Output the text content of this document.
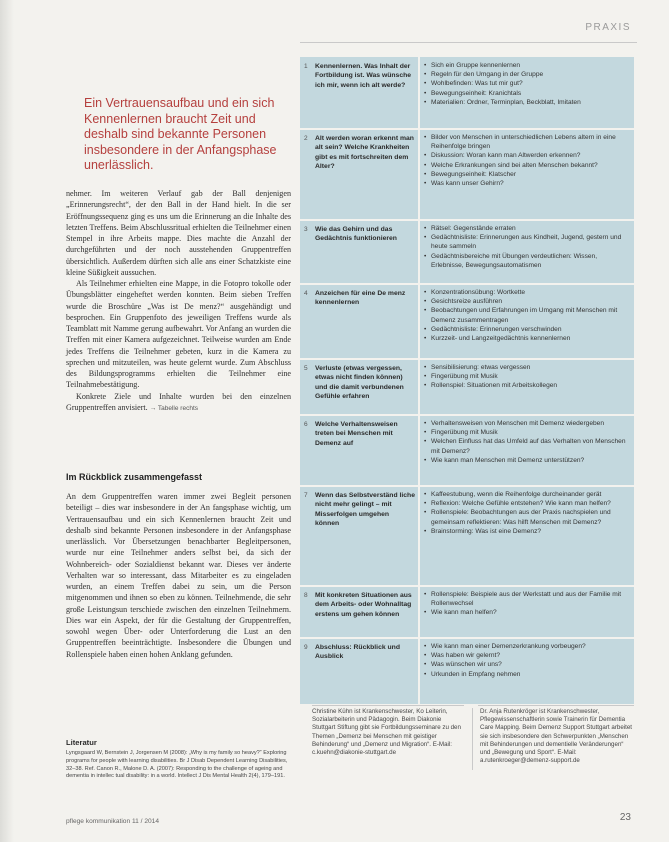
PRAXIS
Ein Vertrauensaufbau und ein sich Kennenlernen braucht Zeit und deshalb sind bekannte Personen insbesondere in der Anfangsphase unerlässlich.

nehmer. Im weiteren Verlauf gab der Ball denjenigen „Erinnerungsrecht“, der den Ball in der Hand hielt. In die ser Eröffnungssequenz ging es uns um die Erinnerung an die Inhalte des letzten Treffens. Beim Abschlussritual erhielten die Teilnehmer einen Stempel in ihre Arbeits mappe. Dies machte die Anzahl der durchgeführten und der noch ausstehenden Gruppentreffen übersichtlich. Außerdem dürften sich alle ans einer Schatzkiste eine kleine Süßigkeit aussuchen.

Als Teilnehmer erhielten eine Mappe, in die Fotopro tokolle oder Übungsblätter eingeheftet werden konnten. Beim sieben Treffen wurde die Broschüre „Was ist De menz?“ ausgehändigt und besprochen. Ein Gruppenfoto des jeweiligen Treffens wurde als Teamblatt mit Namme gerung aufbewahrt. Vor Anfang an wurden die Treffen mit einer Kamera aufgezeichnet. Teilweise wurden am Ende jedes Treffens die Teilnehmer gebeten, kurz in die Kamera zu sprechen und mitzuteilen, was heute gelernt wurde. Zum Abschluss des Bildungsprogramms erhielten die Teilnehmer eine Teilnahmebestätigung.

Konkrete Ziele und Inhalte wurden bei den einzelnen Gruppentreffen anvisiert. → Tabelle rechts

Im Rückblick zusammengefasst

An dem Gruppentreffen waren immer zwei Begleit personen beteiligt – dies war insbesondere in der An fangsphase wichtig, um Vertrauensaufbau und ein sich Kennenlernen braucht Zeit und deshalb sind bekannte Personen insbesondere in der Anfangsphase unerlässlich. Vor Übersetzungen benachbarter Begleitpersonen, wurde nur eine Teilnehmer anders selbst bei, da sich der Wohnbereich- oder Sozialdienst bekannt war. Dieses ver änderte Verhalten war so interessant, dass Mitarbeiter es zu eingeladen wurden, an einem Treffen dabei zu sein, um die Person mitgenommen und ihnen so eben zu können. Teilnehmende, die sehr große Leistungsun terschiede zwischen den einzelnen Teilnehmern. Dies war ein Aspekt, der für die Gestaltung der Gruppentreffen, sowohl wegen Über- oder Unterforderung die Lust an den Gruppentreffen beeinträchtigte. Insbesondere die Übungen und Rollenspiele haben einen hohen Anklang gefunden.

Literatur
Lyngsgaard W, Bernstein J, Jorgensen M (2008): „Why is my family so heavy?“ Exploring programs for people with learning disabilities. Br J Disab Dependent Learning Disabilities, 32–38. Ref. Canon R., Malone D. A. (2007): Responding to the challenge of ageing and dementia in intellec tual disability: in a world. Intellect J Dis Mental Health 2(4), 179–191.
pflege kommunikation 11 / 2014	23
1 Kennenlernen. Was Inhalt der Fortbildung ist. Was wünsche ich mir, wenn ich alt werde?
• Sich ein Gruppe kennenlernen
• Regeln für den Umgang in der Gruppe
• Wohlbefinden: Was tut mir gut?
• Bewegungseinheit: Kranichtals
• Materialien: Ordner, Terminplan, Beckblatt, Imitaten
2 Alt werden woran erkennt man alt sein? Welche Krankheiten gibt es mit fortschreiten dem Alter?
• Bilder von Menschen in unterschiedlichen Lebens altern in eine Reihenfolge bringen
• Diskussion: Woran kann man Altwerden erkennen?
• Welche Erkrankungen sind bei alten Menschen bekannt?
• Bewegungseinheit: Klatscher
• Was kann unser Gehirn?
3 Wie das Gehirn und das Gedächtnis funktionieren
• Rätsel: Gegenstände erraten
• Gedächtnisliste: Erinnerungen aus Kindheit, Jugend, gestern und heute sammeln
• Gedächtnisbereiche mit Übungen verdeutlichen: Wissen, Erlebnisse, Bewegungsautomatismen
4 Anzeichen für eine De menz kennenlernen
• Konzentrationsübung: Wortkette
• Gesichtsreize ausführen
• Beobachtungen und Erfahrungen im Umgang mit Menschen mit Demenz zusammentragen
• Gedächtnisliste: Erinnerungen verschwinden
• Kurzzeit- und Langzeitgedächtnis kennenlernen
5 Verluste (etwas vergessen, etwas nicht finden können) und die damit verbundenen Gefühle erfahren
• Sensibilisierung: etwas vergessen
• Fingerübung mit Musik
• Rollenspiel: Situationen mit Arbeitskollegen
6 Welche Verhaltensweisen treten bei Menschen mit Demenz auf
• Verhaltensweisen von Menschen mit Demenz wiedergeben
• Fingerübung mit Musik
• Welchen Einfluss hat das Umfeld auf das Verhalten von Menschen mit Demenz?
• Wie kann man Menschen mit Demenz unterstützen?
7 Wenn das Selbstverständ liche nicht mehr gelingt – mit Misserfolgen umgehen können
• Kaffeestubung, wenn die Reihenfolge durcheinander gerät
• Reflexion: Welche Gefühle entstehen? Wie kann man helfen?
• Rollenspiele: Beobachtungen aus der Praxis nachspielen und gemeinsam reflektieren: Was hilft Menschen mit Demenz?
• Brainstorming: Was ist eine Demenz?
8 Mit konkreten Situationen aus dem Arbeits- oder Wohnalltag erstens um gehen können
• Rollenspiele: Beispiele aus der Werkstatt und aus der Familie mit Rollenwechsel
• Wie kann man helfen?
9 Abschluss: Rückblick und Ausblick
• Wie kann man einer Demenzerkrankung vorbeugen?
• Was haben wir gelernt?
• Was wünschen wir uns?
• Urkunden in Empfang nehmen
Christine Kühn ist Krankenschwester, Ko Leiterin, Sozialarbeiterin und Pädagogin. Beim Diakonie Stuttgart Stiftung gibt sie Fortbildungsseminare zu den Themen „Demenz bei Menschen mit geistiger Behinderung“ und „Demenz und Migration“. E-Mail: c.kuehn@diakonie-stuttgart.de
Dr. Anja Rutenkröger ist Krankenschwester, Pflegewissenschaftlerin sowie Trainerin für Dementia Care Mapping. Beim Demenz Support Stuttgart arbeitet sie sich insbesondere den Schwerpunkten „Menschen mit Behinderungen und dementielle Veränderungen“ und „Bewegung und Sport“. E-Mail: a.rutenkroeger@demenz-support.de
